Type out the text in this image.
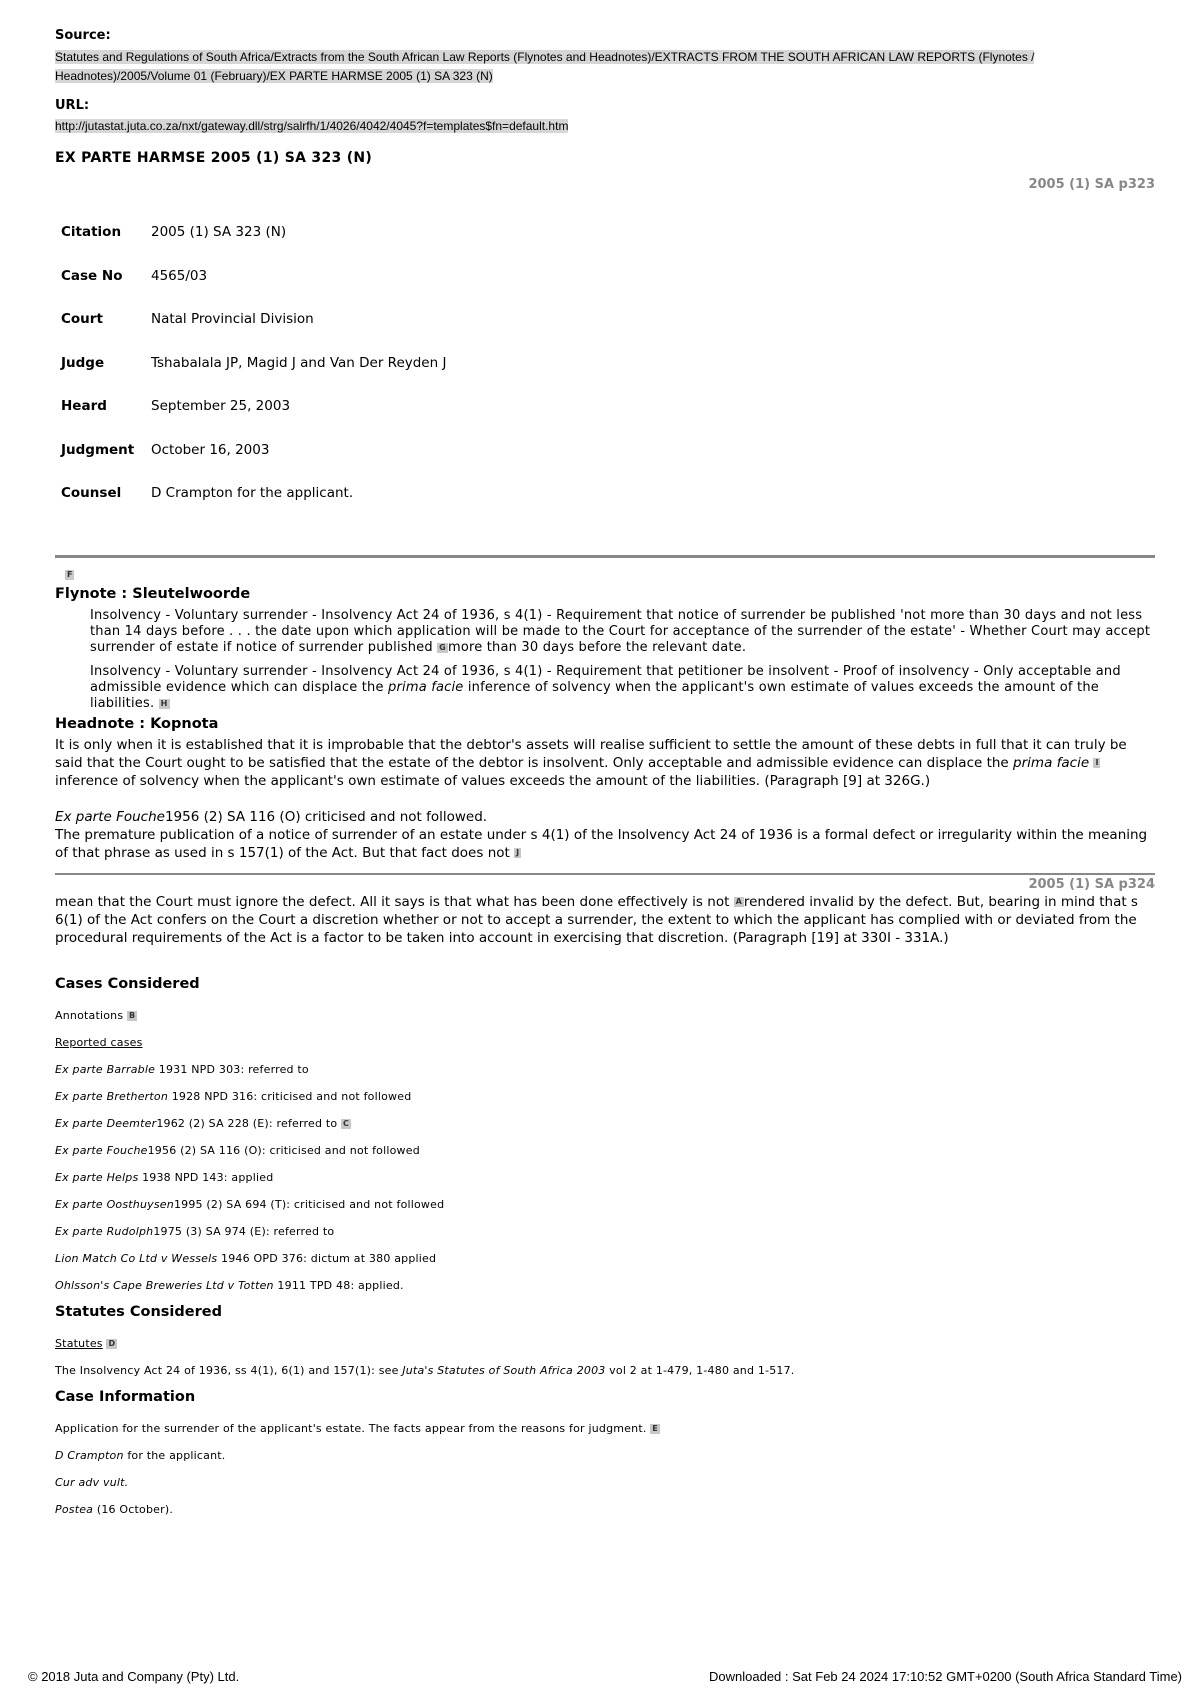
Source:
Statutes and Regulations of South Africa/Extracts from the South African Law Reports (Flynotes and Headnotes)/EXTRACTS FROM THE SOUTH AFRICAN LAW REPORTS (Flynotes / Headnotes)/2005/Volume 01 (February)/EX PARTE HARMSE 2005 (1) SA 323 (N)
URL:
http://jutastat.juta.co.za/nxt/gateway.dll/strg/salrfh/1/4026/4042/4045?f=templates$fn=default.htm
EX PARTE HARMSE 2005 (1) SA 323 (N)
2005 (1) SA p323
Citation	2005 (1) SA 323 (N)
Case No	4565/03
Court	Natal Provincial Division
Judge	Tshabalala JP, Magid J and Van Der Reyden J
Heard	September 25, 2003
Judgment	October 16, 2003
Counsel	D Crampton for the applicant.
F
Flynote : Sleutelwoorde
Insolvency - Voluntary surrender - Insolvency Act 24 of 1936, s 4(1) - Requirement that notice of surrender be published 'not more than 30 days and not less than 14 days before . . . the date upon which application will be made to the Court for acceptance of the surrender of the estate' - Whether Court may accept surrender of estate if notice of surrender published G more than 30 days before the relevant date.
Insolvency - Voluntary surrender - Insolvency Act 24 of 1936, s 4(1) - Requirement that petitioner be insolvent - Proof of insolvency - Only acceptable and admissible evidence which can displace the prima facie inference of solvency when the applicant's own estimate of values exceeds the amount of the liabilities. H
Headnote : Kopnota
It is only when it is established that it is improbable that the debtor's assets will realise sufficient to settle the amount of these debts in full that it can truly be said that the Court ought to be satisfied that the estate of the debtor is insolvent. Only acceptable and admissible evidence can displace the prima facie I inference of solvency when the applicant's own estimate of values exceeds the amount of the liabilities. (Paragraph [9] at 326G.)
Ex parte Fouche1956 (2) SA 116 (O) criticised and not followed.
The premature publication of a notice of surrender of an estate under s 4(1) of the Insolvency Act 24 of 1936 is a formal defect or irregularity within the meaning of that phrase as used in s 157(1) of the Act. But that fact does not J
2005 (1) SA p324
mean that the Court must ignore the defect. All it says is that what has been done effectively is not A rendered invalid by the defect. But, bearing in mind that s 6(1) of the Act confers on the Court a discretion whether or not to accept a surrender, the extent to which the applicant has complied with or deviated from the procedural requirements of the Act is a factor to be taken into account in exercising that discretion. (Paragraph [19] at 330I - 331A.)
Cases Considered
Annotations B
Reported cases
Ex parte Barrable 1931 NPD 303: referred to
Ex parte Bretherton 1928 NPD 316: criticised and not followed
Ex parte Deemter1962 (2) SA 228 (E): referred to C
Ex parte Fouche1956 (2) SA 116 (O): criticised and not followed
Ex parte Helps 1938 NPD 143: applied
Ex parte Oosthuysen1995 (2) SA 694 (T): criticised and not followed
Ex parte Rudolph1975 (3) SA 974 (E): referred to
Lion Match Co Ltd v Wessels 1946 OPD 376: dictum at 380 applied
Ohlsson's Cape Breweries Ltd v Totten 1911 TPD 48: applied.
Statutes Considered
Statutes D
The Insolvency Act 24 of 1936, ss 4(1), 6(1) and 157(1): see Juta's Statutes of South Africa 2003 vol 2 at 1-479, 1-480 and 1-517.
Case Information
Application for the surrender of the applicant's estate. The facts appear from the reasons for judgment. E
D Crampton for the applicant.
Cur adv vult.
Postea (16 October).
© 2018 Juta and Company (Pty) Ltd.	Downloaded : Sat Feb 24 2024 17:10:52 GMT+0200 (South Africa Standard Time)
